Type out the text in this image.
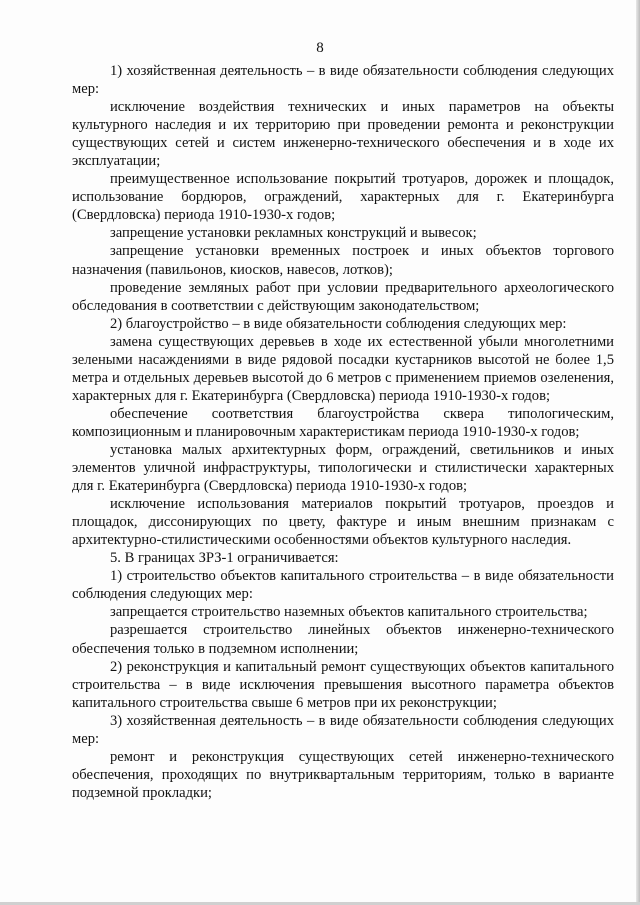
8

1) хозяйственная деятельность – в виде обязательности соблюдения следующих мер:

исключение воздействия технических и иных параметров на объекты культурного наследия и их территорию при проведении ремонта и реконструкции существующих сетей и систем инженерно-технического обеспечения и в ходе их эксплуатации;

преимущественное использование покрытий тротуаров, дорожек и площадок, использование бордюров, ограждений, характерных для г. Екатеринбурга (Свердловска) периода 1910-1930-х годов;

запрещение установки рекламных конструкций и вывесок;

запрещение установки временных построек и иных объектов торгового назначения (павильонов, киосков, навесов, лотков);

проведение земляных работ при условии предварительного археологического обследования в соответствии с действующим законодательством;

2) благоустройство – в виде обязательности соблюдения следующих мер:

замена существующих деревьев в ходе их естественной убыли многолетними зелеными насаждениями в виде рядовой посадки кустарников высотой не более 1,5 метра и отдельных деревьев высотой до 6 метров с применением приемов озеленения, характерных для г. Екатеринбурга (Свердловска) периода 1910-1930-х годов;

обеспечение соответствия благоустройства сквера типологическим, композиционным и планировочным характеристикам периода 1910-1930-х годов;

установка малых архитектурных форм, ограждений, светильников и иных элементов уличной инфраструктуры, типологически и стилистически характерных для г. Екатеринбурга (Свердловска) периода 1910-1930-х годов;

исключение использования материалов покрытий тротуаров, проездов и площадок, диссонирующих по цвету, фактуре и иным внешним признакам с архитектурно-стилистическими особенностями объектов культурного наследия.

5. В границах ЗРЗ-1 ограничивается:

1) строительство объектов капитального строительства – в виде обязательности соблюдения следующих мер:

запрещается строительство наземных объектов капитального строительства;

разрешается строительство линейных объектов инженерно-технического обеспечения только в подземном исполнении;

2) реконструкция и капитальный ремонт существующих объектов капитального строительства – в виде исключения превышения высотного параметра объектов капитального строительства свыше 6 метров при их реконструкции;

3) хозяйственная деятельность – в виде обязательности соблюдения следующих мер:

ремонт и реконструкция существующих сетей инженерно-технического обеспечения, проходящих по внутриквартальным территориям, только в варианте подземной прокладки;
